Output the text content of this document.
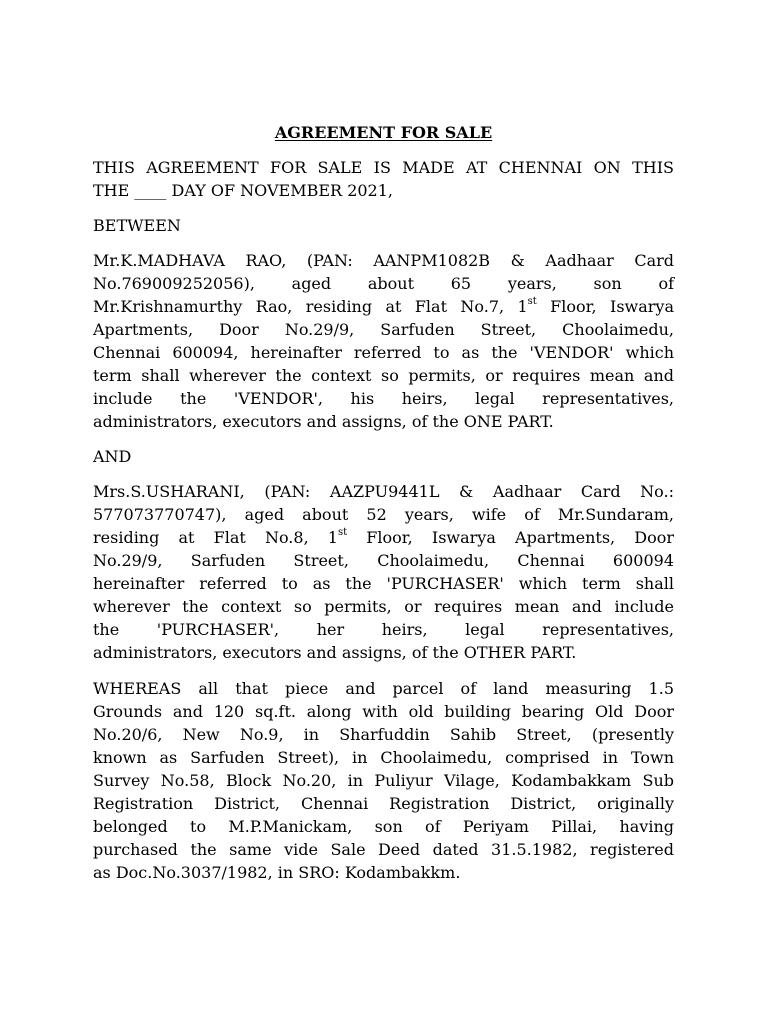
AGREEMENT FOR SALE

THIS AGREEMENT FOR SALE IS MADE AT CHENNAI ON THIS
THE ____ DAY OF NOVEMBER 2021,
BETWEEN
Mr.K.MADHAVA RAO, (PAN: AANPM1082B & Aadhaar Card
No.769009252056), aged about 65 years, son of
Mr.Krishnamurthy Rao, residing at Flat No.7, 1st Floor, Iswarya
Apartments, Door No.29/9, Sarfuden Street, Choolaimedu,
Chennai 600094, hereinafter referred to as the 'VENDOR' which
term shall wherever the context so permits, or requires mean and
include the 'VENDOR', his heirs, legal representatives,
administrators, executors and assigns, of the ONE PART.
AND
Mrs.S.USHARANI, (PAN: AAZPU9441L & Aadhaar Card No.:
577073770747), aged about 52 years, wife of Mr.Sundaram,
residing at Flat No.8, 1st Floor, Iswarya Apartments, Door
No.29/9, Sarfuden Street, Choolaimedu, Chennai 600094
hereinafter referred to as the 'PURCHASER' which term shall
wherever the context so permits, or requires mean and include
the 'PURCHASER', her heirs, legal representatives,
administrators, executors and assigns, of the OTHER PART.
WHEREAS all that piece and parcel of land measuring 1.5
Grounds and 120 sq.ft. along with old building bearing Old Door
No.20/6, New No.9, in Sharfuddin Sahib Street, (presently
known as Sarfuden Street), in Choolaimedu, comprised in Town
Survey No.58, Block No.20, in Puliyur Vilage, Kodambakkam Sub
Registration District, Chennai Registration District, originally
belonged to M.P.Manickam, son of Periyam Pillai, having
purchased the same vide Sale Deed dated 31.5.1982, registered
as Doc.No.3037/1982, in SRO: Kodambakkm.
